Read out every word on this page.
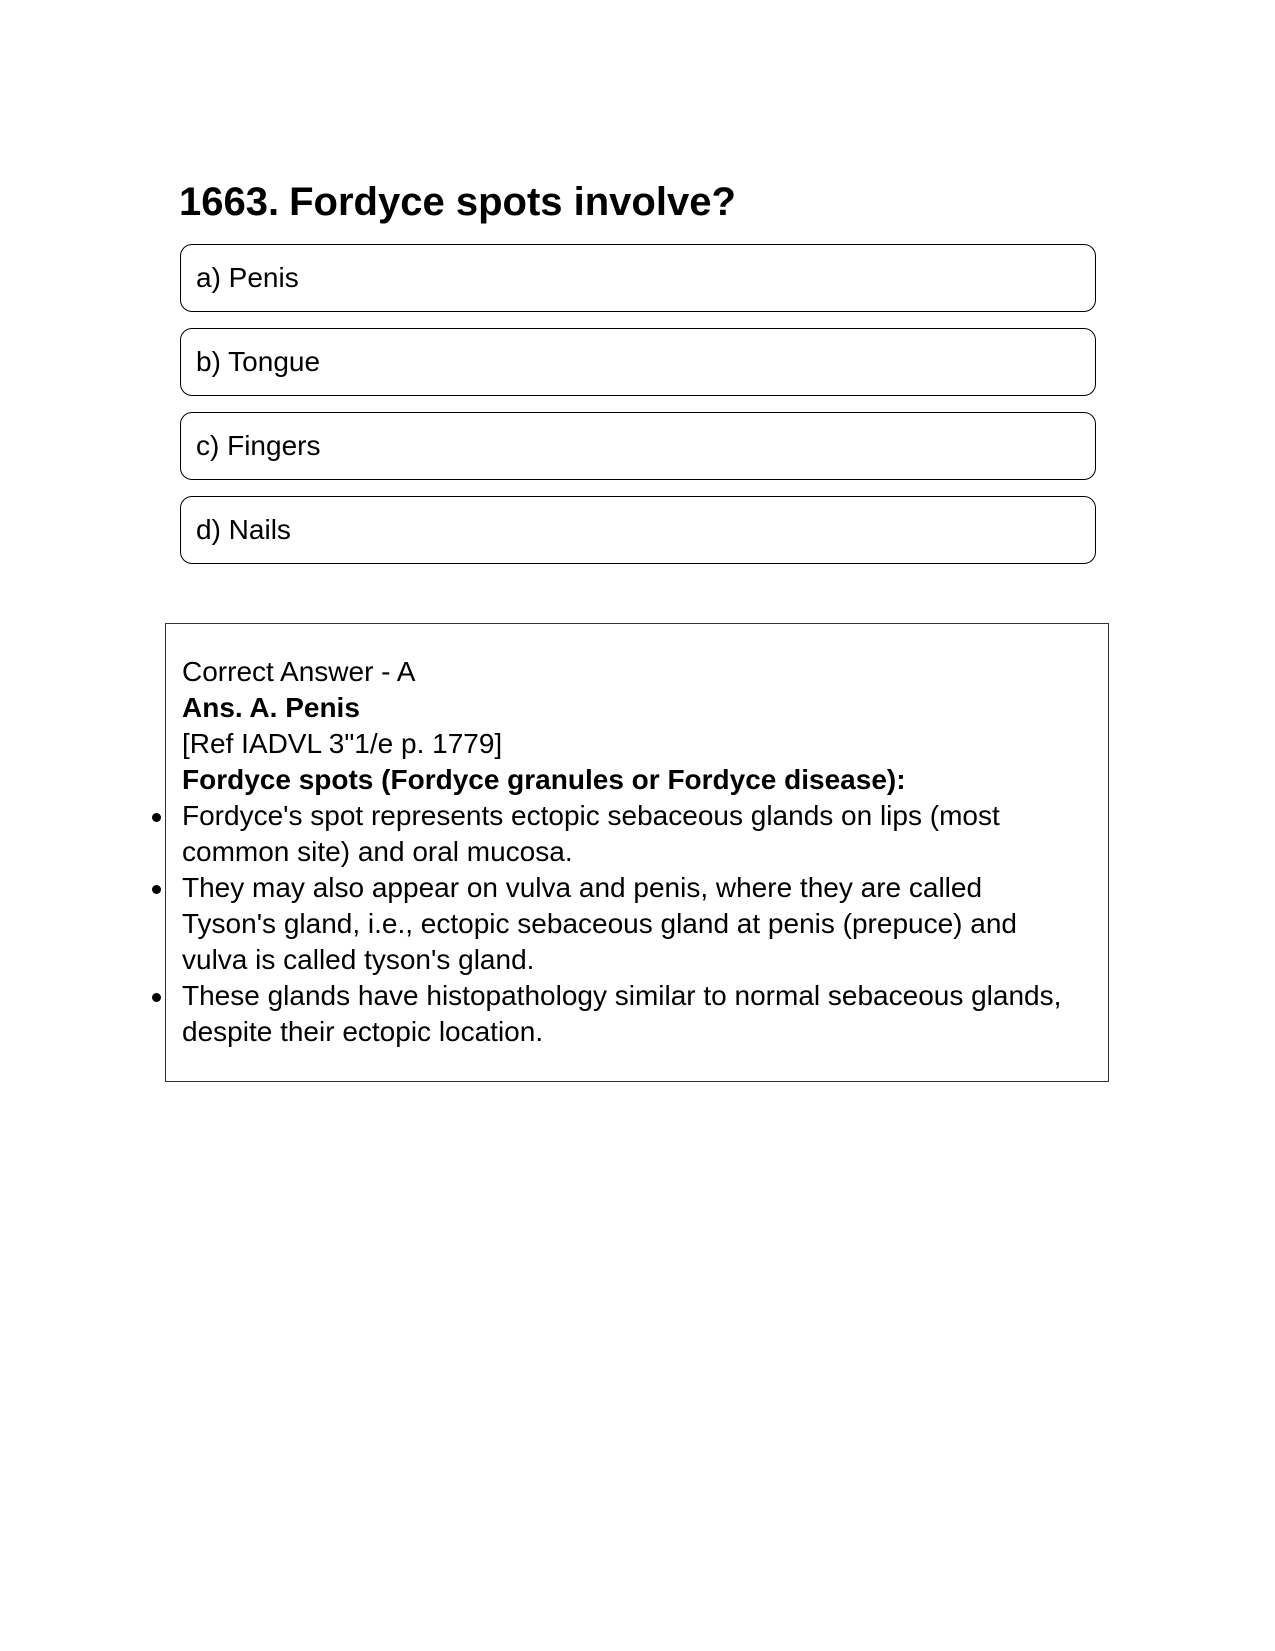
1663. Fordyce spots involve?
a) Penis
b) Tongue
c) Fingers
d) Nails
Correct Answer - A
Ans. A. Penis
[Ref IADVL 3"1/e p. 1779]
Fordyce spots (Fordyce granules or Fordyce disease):
Fordyce's spot represents ectopic sebaceous glands on lips (most common site) and oral mucosa.
They may also appear on vulva and penis, where they are called Tyson's gland, i.e., ectopic sebaceous gland at penis (prepuce) and vulva is called tyson's gland.
These glands have histopathology similar to normal sebaceous glands, despite their ectopic location.
